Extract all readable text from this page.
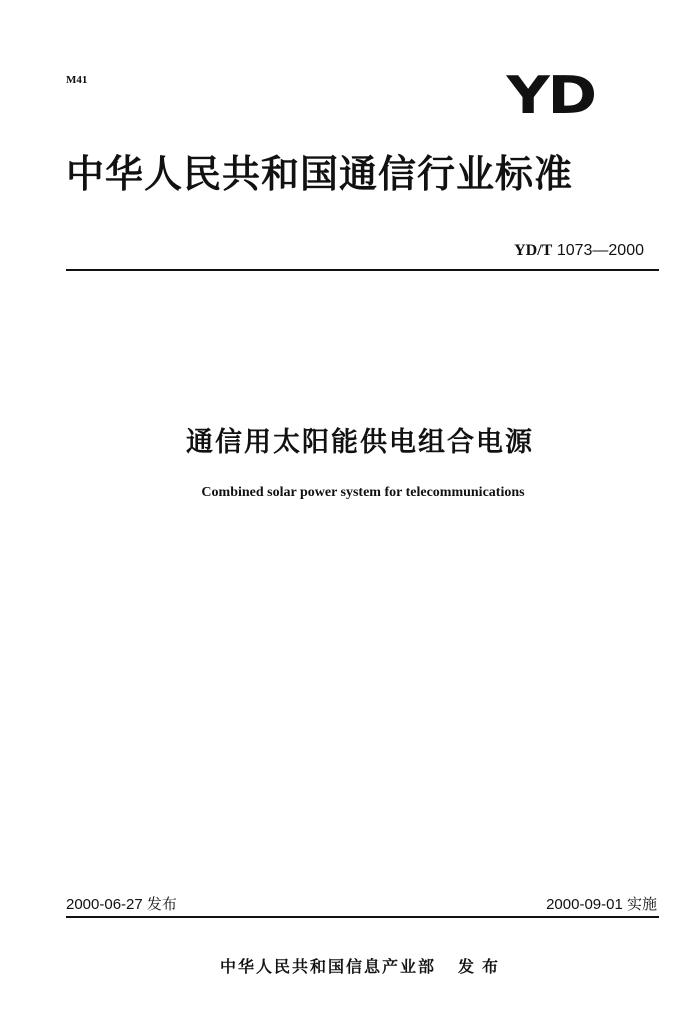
M41	YD
中华人民共和国通信行业标准
YD/T 1073—2000
通信用太阳能供电组合电源
Combined solar power system for telecommunications
2000-06-27 发布	2000-09-01 实施
中华人民共和国信息产业部 发布
